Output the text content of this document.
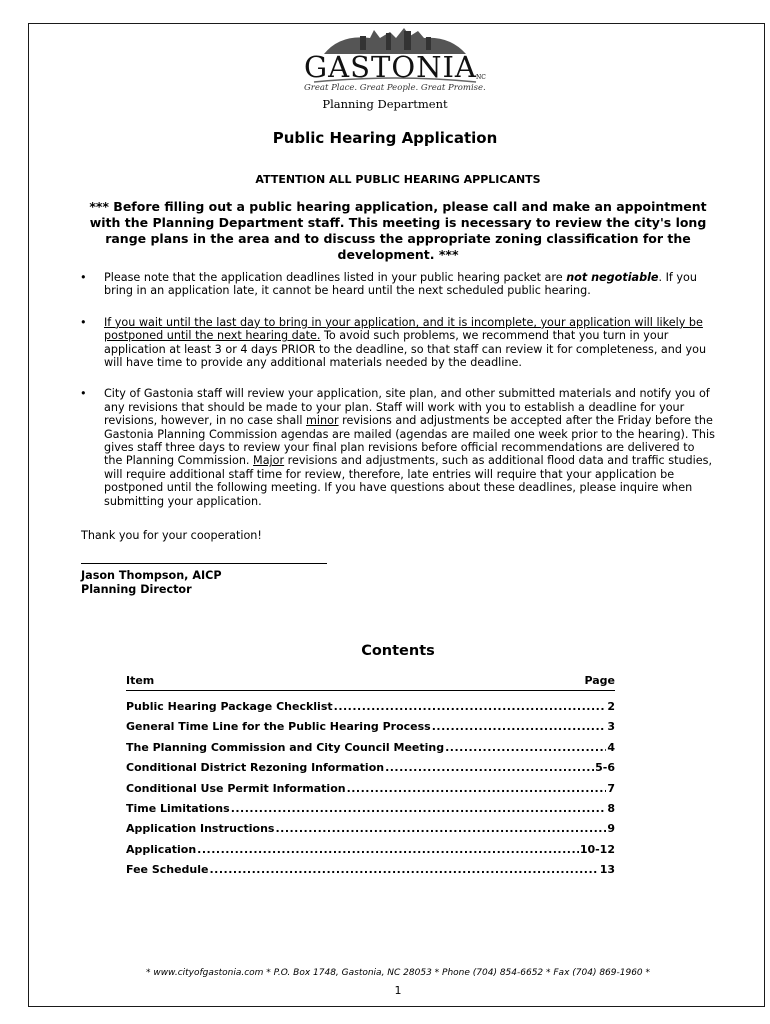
GASTONIA NC
Great Place. Great People. Great Promise.
Planning Department
Public Hearing Application
ATTENTION ALL PUBLIC HEARING APPLICANTS
*** Before filling out a public hearing application, please call and make an appointment with the Planning Department staff. This meeting is necessary to review the city's long range plans in the area and to discuss the appropriate zoning classification for the development. ***
• Please note that the application deadlines listed in your public hearing packet are not negotiable. If you bring in an application late, it cannot be heard until the next scheduled public hearing.
• If you wait until the last day to bring in your application, and it is incomplete, your application will likely be postponed until the next hearing date. To avoid such problems, we recommend that you turn in your application at least 3 or 4 days PRIOR to the deadline, so that staff can review it for completeness, and you will have time to provide any additional materials needed by the deadline.
• City of Gastonia staff will review your application, site plan, and other submitted materials and notify you of any revisions that should be made to your plan. Staff will work with you to establish a deadline for your revisions, however, in no case shall minor revisions and adjustments be accepted after the Friday before the Gastonia Planning Commission agendas are mailed (agendas are mailed one week prior to the hearing). This gives staff three days to review your final plan revisions before official recommendations are delivered to the Planning Commission. Major revisions and adjustments, such as additional flood data and traffic studies, will require additional staff time for review, therefore, late entries will require that your application be postponed until the following meeting. If you have questions about these deadlines, please inquire when submitting your application.
Thank you for your cooperation!
Jason Thompson, AICP
Planning Director
Contents
Item	Page
Public Hearing Package Checklist .....	2
General Time Line for the Public Hearing Process .....	3
The Planning Commission and City Council Meeting .....	4
Conditional District Rezoning Information .....	5-6
Conditional Use Permit Information .....	7
Time Limitations .....	8
Application Instructions .....	9
Application .....	10-12
Fee Schedule .....	13
* www.cityofgastonia.com * P.O. Box 1748, Gastonia, NC 28053 * Phone (704) 854-6652 * Fax (704) 869-1960 *
1
